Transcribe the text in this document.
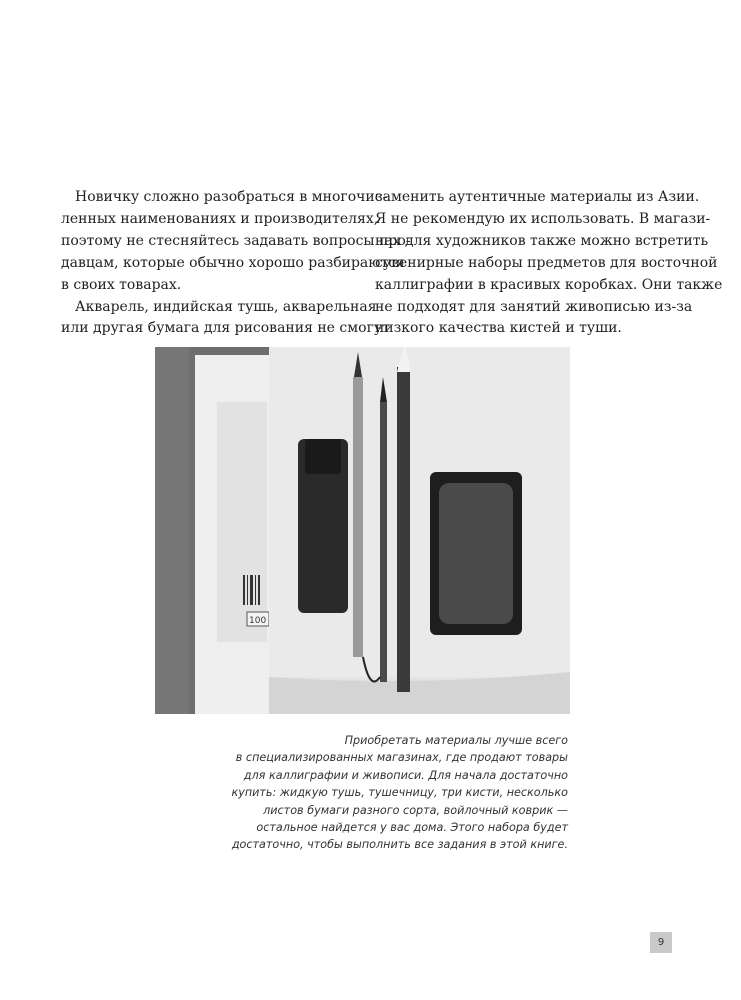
Новичку сложно разобраться в многочис-
ленных наименованиях и производителях,
поэтому не стесняйтесь задавать вопросы про-
давцам, которые обычно хорошо разбираются
в своих товарах.
Акварель, индийская тушь, акварельная
или другая бумага для рисования не смогут
заменить аутентичные материалы из Азии.
Я не рекомендую их использовать. В магази-
нах для художников также можно встретить
сувенирные наборы предметов для восточной
каллиграфии в красивых коробках. Они также
не подходят для занятий живописью из-за
низкого качества кистей и туши.
100
Приобретать материалы лучше всего
в специализированных магазинах, где продают товары
для каллиграфии и живописи. Для начала достаточно
купить: жидкую тушь, тушечницу, три кисти, несколько
листов бумаги разного сорта, войлочный коврик —
остальное найдется у вас дома. Этого набора будет
достаточно, чтобы выполнить все задания в этой книге.
9
